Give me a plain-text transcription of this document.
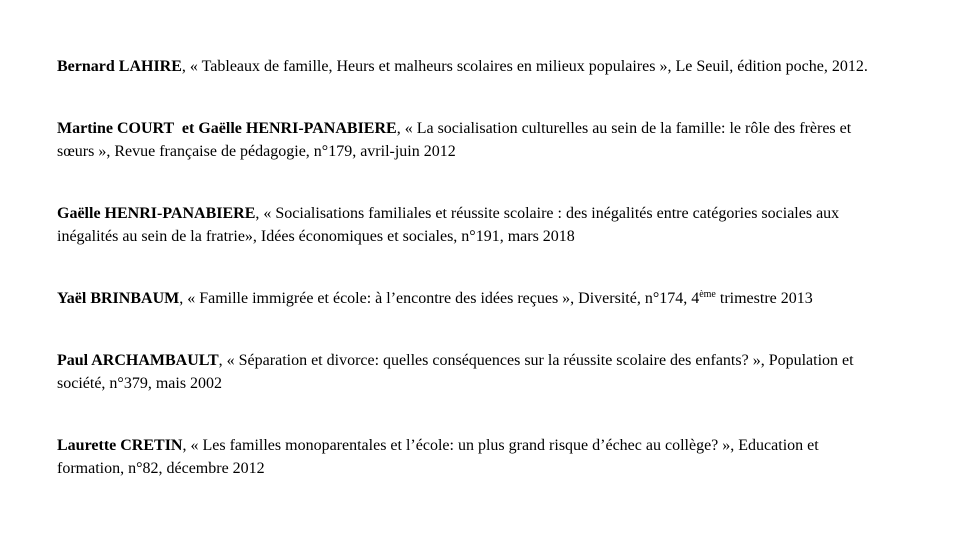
Bernard LAHIRE, « Tableaux de famille, Heurs et malheurs scolaires en milieux populaires », Le Seuil, édition poche, 2012.

Martine COURT  et Gaëlle HENRI-PANABIERE, « La socialisation culturelles au sein de la famille: le rôle des frères et sœurs », Revue française de pédagogie, n°179, avril-juin 2012

Gaëlle HENRI-PANABIERE, « Socialisations familiales et réussite scolaire : des inégalités entre catégories sociales aux inégalités au sein de la fratrie», Idées économiques et sociales, n°191, mars 2018

Yaël BRINBAUM, « Famille immigrée et école: à l’encontre des idées reçues », Diversité, n°174, 4ème trimestre 2013

Paul ARCHAMBAULT, « Séparation et divorce: quelles conséquences sur la réussite scolaire des enfants? », Population et société, n°379, mais 2002

Laurette CRETIN, « Les familles monoparentales et l’école: un plus grand risque d’échec au collège? », Education et formation, n°82, décembre 2012
